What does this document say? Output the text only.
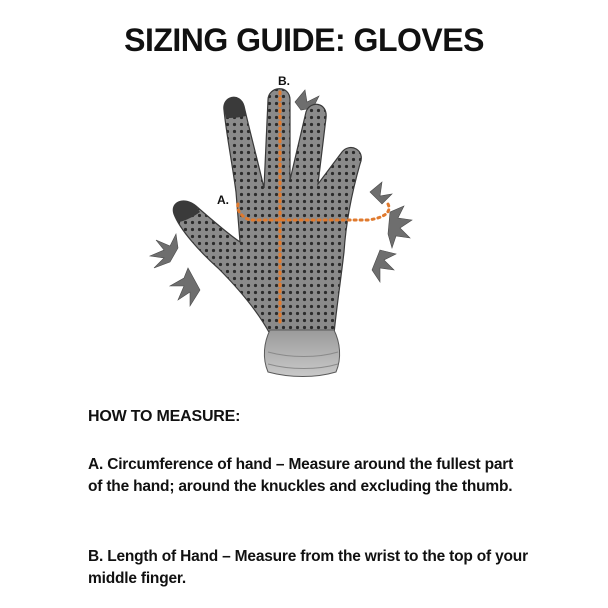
SIZING GUIDE: GLOVES
B.
A.
HOW TO MEASURE:
A. Circumference of hand – Measure around the fullest part of the hand; around the knuckles and excluding the thumb.
B. Length of Hand – Measure from the wrist to the top of your middle finger.
